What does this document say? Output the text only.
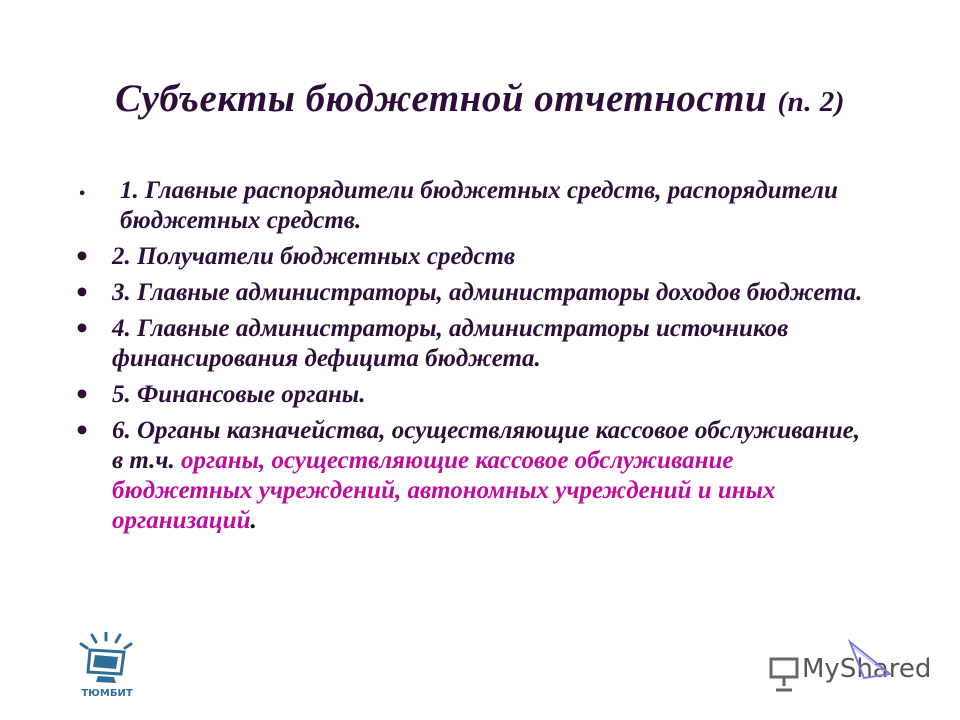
Субъекты бюджетной отчетности (п. 2)
• 1. Главные распорядители бюджетных средств, распорядители бюджетных средств.
• 2. Получатели бюджетных средств
• 3. Главные администраторы, администраторы доходов бюджета.
• 4. Главные администраторы, администраторы источников финансирования дефицита бюджета.
• 5. Финансовые органы.
• 6. Органы казначейства, осуществляющие кассовое обслуживание, в т.ч. органы, осуществляющие кассовое обслуживание бюджетных учреждений, автономных учреждений и иных организаций.
ТЮМБИТ
MyShared
